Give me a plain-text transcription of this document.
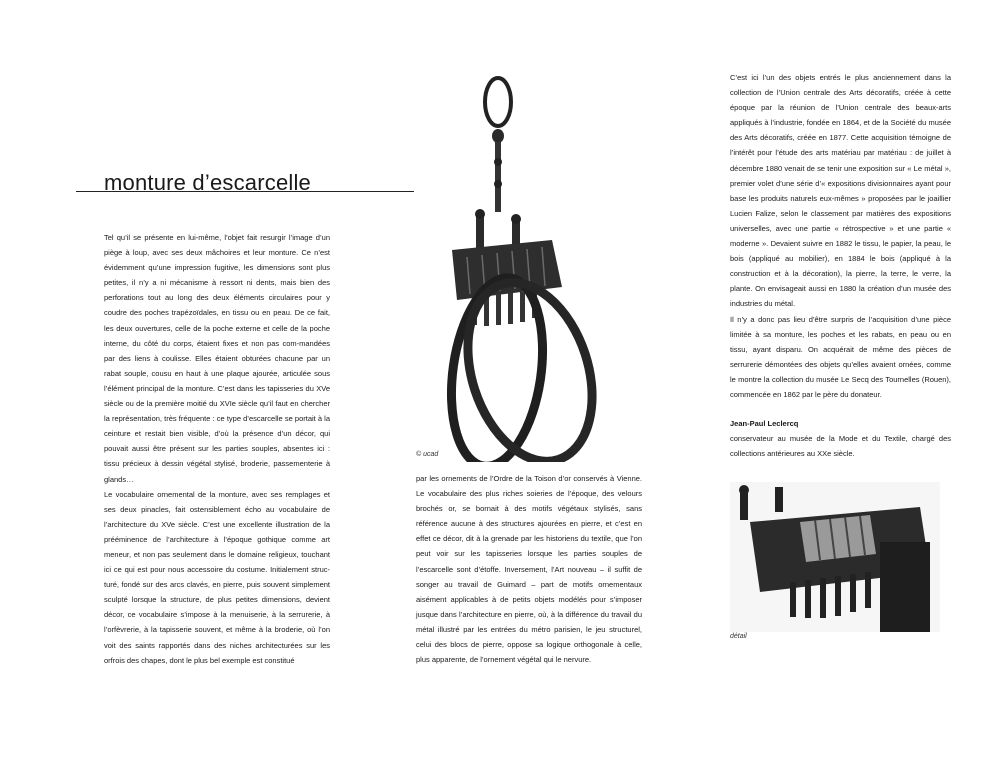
monture d’escarcelle

Tel qu’il se présente en lui-même, l’objet fait resurgir l’image d’un piège à loup, avec ses deux mâchoires et leur monture. Ce n’est évidemment qu’une impression fugitive, les dimensions sont plus petites, il n’y a ni mécanisme à ressort ni dents, mais bien des perforations tout au long des deux éléments circulaires pour y coudre des poches trapézoïdales, en tissu ou en peau. De ce fait, les deux ouvertures, celle de la poche externe et celle de la poche interne, du côté du corps, étaient fixes et non pas com-mandées par des liens à coulisse. Elles étaient obturées chacune par un rabat souple, cousu en haut à une plaque ajourée, articulée sous l’élément principal de la monture. C’est dans les tapisseries du XVe siècle ou de la première moitié du XVIe siècle qu’il faut en chercher la représentation, très fréquente : ce type d’escarcelle se portait à la ceinture et restait bien visible, d’où la présence d’un décor, qui pouvait aussi être présent sur les parties souples, absentes ici : tissu précieux à dessin végétal stylisé, broderie, passementerie à glands…

Le vocabulaire ornemental de la monture, avec ses remplages et ses deux pinacles, fait ostensiblement écho au vocabulaire de l’architecture du XVe siècle. C’est une excellente illustration de la prééminence de l’architecture à l’époque gothique comme art meneur, et non pas seulement dans le domaine religieux, touchant ici ce qui est pour nous accessoire du costume. Initialement struc-turé, fondé sur des arcs clavés, en pierre, puis souvent simplement sculpté lorsque la structure, de plus petites dimensions, devient décor, ce vocabulaire s’impose à la menuiserie, à la serrurerie, à l’orfèvrerie, à la tapisserie souvent, et même à la broderie, où l’on voit des saints rapportés dans des niches architecturées sur les orfrois des chapes, dont le plus bel exemple est constitué

© ucad

par les ornements de l’Ordre de la Toison d’or conservés à Vienne. Le vocabulaire des plus riches soieries de l’époque, des velours brochés or, se bornait à des motifs végétaux stylisés, sans référence aucune à des structures ajourées en pierre, et c’est en effet ce décor, dit à la grenade par les historiens du textile, que l’on peut voir sur les tapisseries lorsque les parties souples de l’escarcelle sont d’étoffe. Inversement, l’Art nouveau – il suffit de songer au travail de Guimard – part de motifs ornementaux aisément applicables à de petits objets modélés pour s’imposer jusque dans l’architecture en pierre, où, à la différence du travail du métal illustré par les entrées du métro parisien, le jeu structurel, celui des blocs de pierre, oppose sa logique orthogonale à celle, plus apparente, de l’ornement végétal qui le nervure.

C’est ici l’un des objets entrés le plus anciennement dans la collection de l’Union centrale des Arts décoratifs, créée à cette époque par la réunion de l’Union centrale des beaux-arts appliqués à l’industrie, fondée en 1864, et de la Société du musée des Arts décoratifs, créée en 1877. Cette acquisition témoigne de l’intérêt pour l’étude des arts matériau par matériau : de juillet à décembre 1880 venait de se tenir une exposition sur « Le métal », premier volet d’une série d’« expositions divisionnaires ayant pour base les produits naturels eux-mêmes » proposées par le joaillier Lucien Falize, selon le classement par matières des expositions universelles, avec une partie « rétrospective » et une partie « moderne ». Devaient suivre en 1882 le tissu, le papier, la peau, le bois (appliqué au mobilier), en 1884 le bois (appliqué à la construction et à la décoration), la pierre, la terre, le verre, la plante. On envisageait aussi en 1880 la création d’un musée des industries du métal.

Il n’y a donc pas lieu d’être surpris de l’acquisition d’une pièce limitée à sa monture, les poches et les rabats, en peau ou en tissu, ayant disparu. On acquérait de même des pièces de serrurerie démontées des objets qu’elles avaient ornées, comme le montre la collection du musée Le Secq des Tournelles (Rouen), commencée en 1862 par le père du donateur.

Jean-Paul Leclercq

conservateur au musée de la Mode et du Textile, chargé des collections antérieures au XXe siècle.

détail
